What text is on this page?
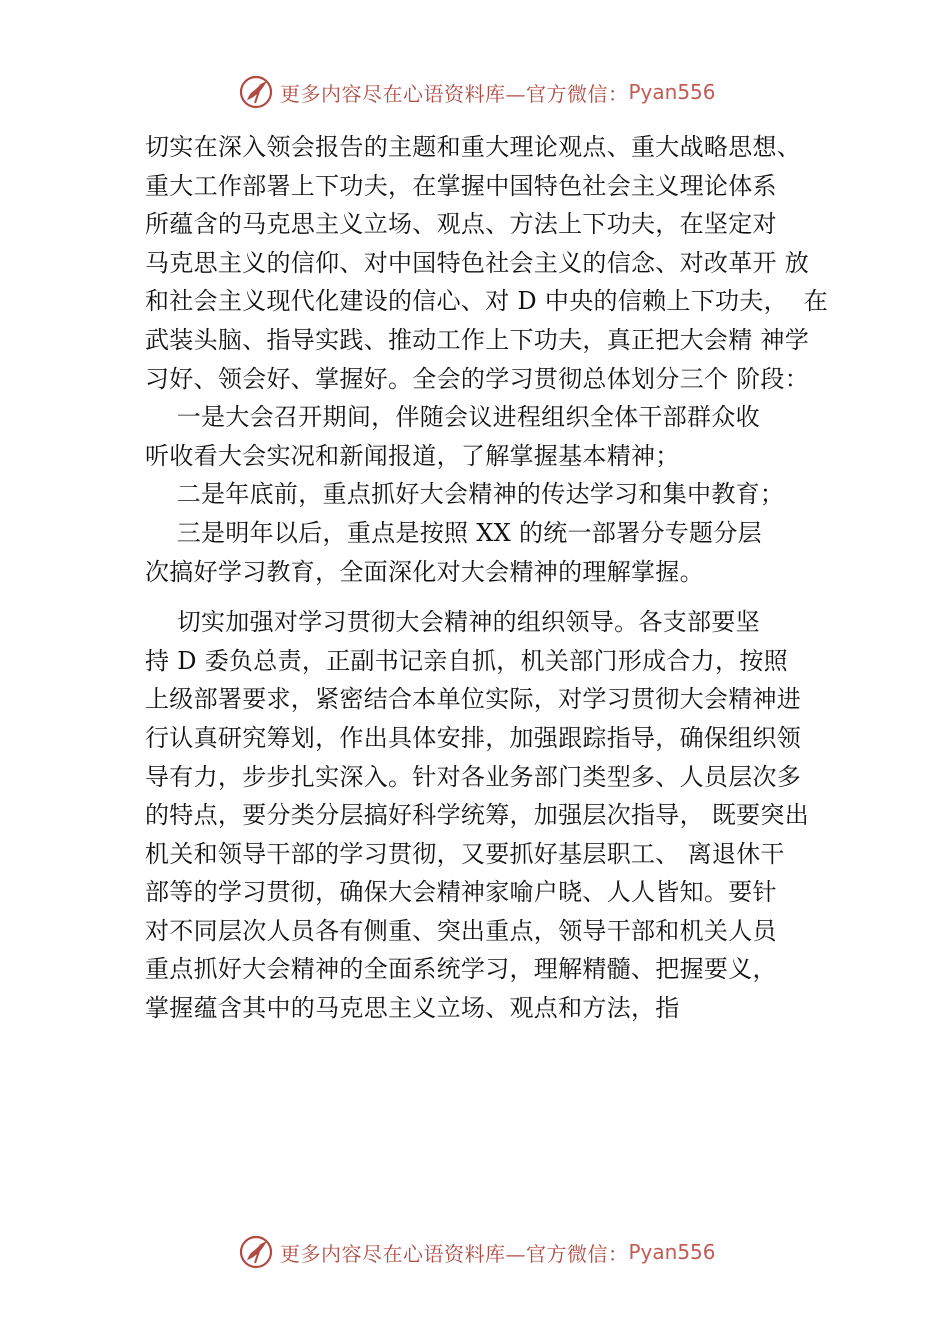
更多内容尽在心语资料库—官方微信： Pyan556
切实在深入领会报告的主题和重大理论观点、重大战略思想、
重大工作部署上下功夫，在掌握中国特色社会主义理论体系
所蕴含的马克思主义立场、观点、方法上下功夫，在坚定对
马克思主义的信仰、对中国特色社会主义的信念、对改革开 放
和社会主义现代化建设的信心、对 D 中央的信赖上下功夫，  在
武装头脑、指导实践、推动工作上下功夫，真正把大会精 神学
习好、领会好、掌握好。全会的学习贯彻总体划分三个 阶段：
一是大会召开期间，伴随会议进程组织全体干部群众收
听收看大会实况和新闻报道，了解掌握基本精神；
二是年底前，重点抓好大会精神的传达学习和集中教育；
三是明年以后，重点是按照 XX 的统一部署分专题分层
次搞好学习教育，全面深化对大会精神的理解掌握。
切实加强对学习贯彻大会精神的组织领导。各支部要坚
持 D 委负总责，正副书记亲自抓，机关部门形成合力，按照
上级部署要求，紧密结合本单位实际，对学习贯彻大会精神进
行认真研究筹划，作出具体安排，加强跟踪指导，确保组织领
导有力，步步扎实深入。针对各业务部门类型多、人员层次多
的特点，要分类分层搞好科学统筹，加强层次指导， 既要突出
机关和领导干部的学习贯彻，又要抓好基层职工、 离退休干
部等的学习贯彻，确保大会精神家喻户晓、人人皆知。要针
对不同层次人员各有侧重、突出重点，领导干部和机关人员
重点抓好大会精神的全面系统学习，理解精髓、把握要义，
掌握蕴含其中的马克思主义立场、观点和方法，指
更多内容尽在心语资料库—官方微信： Pyan556
